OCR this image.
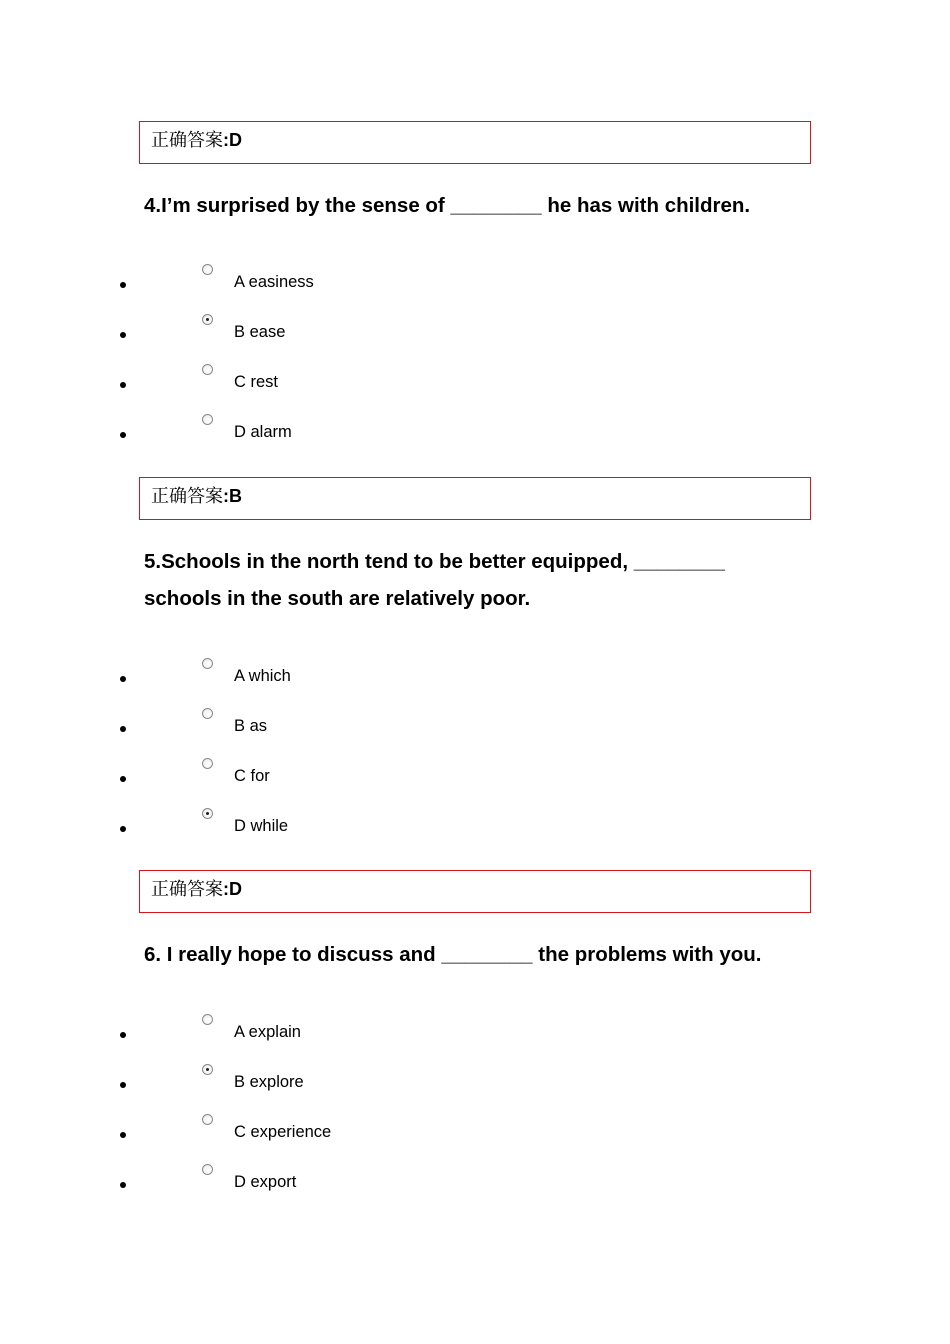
正确答案:D
4.I’m surprised by the sense of ________ he has with children.
A easiness
B ease
C rest
D alarm
正确答案:B
5.Schools in the north tend to be better equipped, ________
schools in the south are relatively poor.
A which
B as
C for
D while
正确答案:D
6. I really hope to discuss and ________ the problems with you.
A explain
B explore
C experience
D export
